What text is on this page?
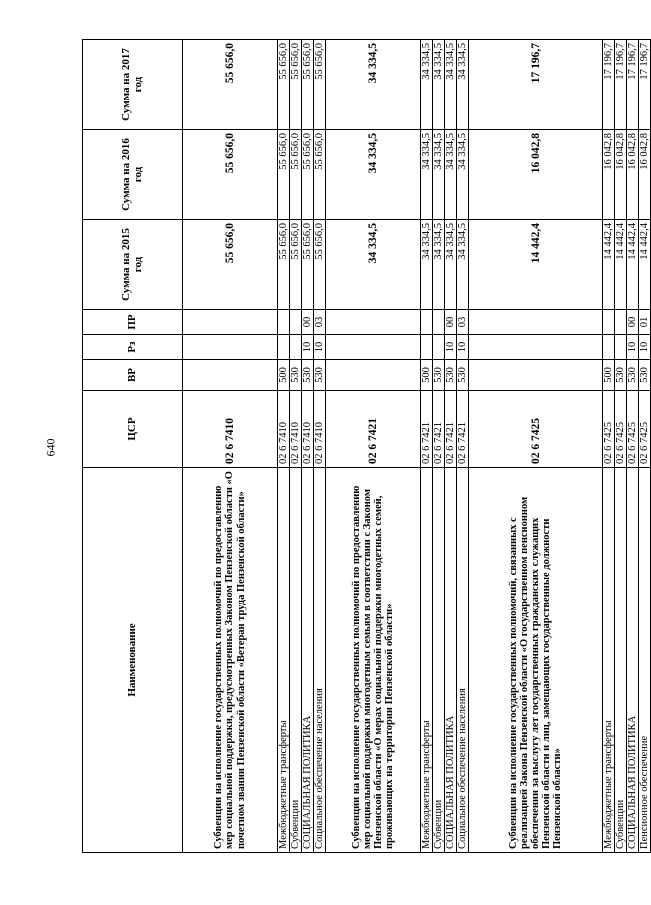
640
Наименование	ЦСР	ВР	Рз	ПР	Сумма на 2015 год	Сумма на 2016 год	Сумма на 2017 год
Субвенции на исполнение государственных полномочий по предоставлению мер социальной поддержки, предусмотренных Законом Пензенской области «О почетном звании Пензенской области «Ветеран труда Пензенской области»	02 6 7410				55 656,0	55 656,0	55 656,0
Межбюджетные трансферты	02 6 7410	500			55 656,0	55 656,0	55 656,0
Субвенции	02 6 7410	530			55 656,0	55 656,0	55 656,0
СОЦИАЛЬНАЯ ПОЛИТИКА	02 6 7410	530	10	00	55 656,0	55 656,0	55 656,0
Социальное обеспечение населения	02 6 7410	530	10	03	55 656,0	55 656,0	55 656,0
Субвенции на исполнение государственных полномочий по предоставлению мер социальной поддержки многодетным семьям в соответствии с Законом Пензенской области «О мерах социальной поддержки многодетных семей, проживающих на территории Пензенской области»	02 6 7421				34 334,5	34 334,5	34 334,5
Межбюджетные трансферты	02 6 7421	500			34 334,5	34 334,5	34 334,5
Субвенции	02 6 7421	530			34 334,5	34 334,5	34 334,5
СОЦИАЛЬНАЯ ПОЛИТИКА	02 6 7421	530	10	00	34 334,5	34 334,5	34 334,5
Социальное обеспечение населения	02 6 7421	530	10	03	34 334,5	34 334,5	34 334,5
Субвенции на исполнение государственных полномочий, связанных с реализацией Закона Пензенской области «О государственном пенсионном обеспечении за выслугу лет государственных гражданских служащих Пензенской области и лиц, замещающих государственные должности Пензенской области»	02 6 7425				14 442,4	16 042,8	17 196,7
Межбюджетные трансферты	02 6 7425	500			14 442,4	16 042,8	17 196,7
Субвенции	02 6 7425	530			14 442,4	16 042,8	17 196,7
СОЦИАЛЬНАЯ ПОЛИТИКА	02 6 7425	530	10	00	14 442,4	16 042,8	17 196,7
Пенсионное обеспечение	02 6 7425	530	10	01	14 442,4	16 042,8	17 196,7
